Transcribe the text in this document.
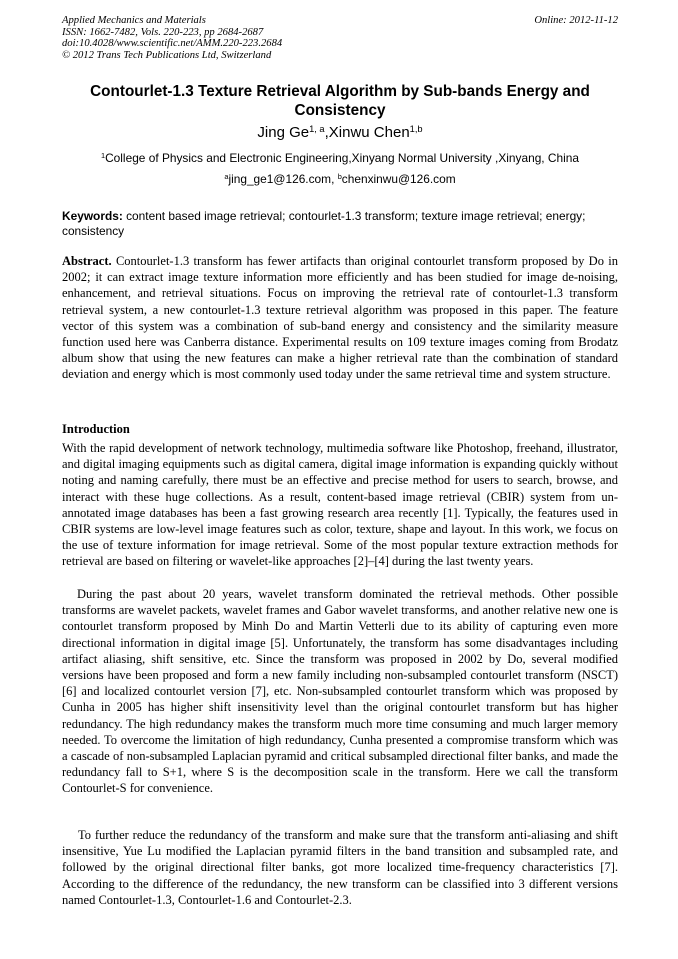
Applied Mechanics and Materials
ISSN: 1662-7482, Vols. 220-223, pp 2684-2687
doi:10.4028/www.scientific.net/AMM.220-223.2684
© 2012 Trans Tech Publications Ltd, Switzerland
Online: 2012-11-12
Contourlet-1.3 Texture Retrieval Algorithm by Sub-bands Energy and Consistency
Jing Ge$^{1, a}$,Xinwu Chen$^{1,b}$
$^1$College of Physics and Electronic Engineering,Xinyang Normal University ,Xinyang, China
$^a$jing_ge1@126.com, $^b$chenxinwu@126.com
Keywords: content based image retrieval; contourlet-1.3 transform; texture image retrieval; energy; consistency
Abstract. Contourlet-1.3 transform has fewer artifacts than original contourlet transform proposed by Do in 2002; it can extract image texture information more efficiently and has been studied for image de-noising, enhancement, and retrieval situations. Focus on improving the retrieval rate of contourlet-1.3 transform retrieval system, a new contourlet-1.3 texture retrieval algorithm was proposed in this paper. The feature vector of this system was a combination of sub-band energy and consistency and the similarity measure function used here was Canberra distance. Experimental results on 109 texture images coming from Brodatz album show that using the new features can make a higher retrieval rate than the combination of standard deviation and energy which is most commonly used today under the same retrieval time and system structure.
Introduction
With the rapid development of network technology, multimedia software like Photoshop, freehand, illustrator, and digital imaging equipments such as digital camera, digital image information is expanding quickly without noting and naming carefully, there must be an effective and precise method for users to search, browse, and interact with these huge collections. As a result, content-based image retrieval (CBIR) system from un-annotated image databases has been a fast growing research area recently [1]. Typically, the features used in CBIR systems are low-level image features such as color, texture, shape and layout. In this work, we focus on the use of texture information for image retrieval. Some of the most popular texture extraction methods for retrieval are based on filtering or wavelet-like approaches [2]–[4] during the last twenty years.
During the past about 20 years, wavelet transform dominated the retrieval methods. Other possible transforms are wavelet packets, wavelet frames and Gabor wavelet transforms, and another relative new one is contourlet transform proposed by Minh Do and Martin Vetterli due to its ability of capturing even more directional information in digital image [5]. Unfortunately, the transform has some disadvantages including artifact aliasing, shift sensitive, etc. Since the transform was proposed in 2002 by Do, several modified versions have been proposed and form a new family including non-subsampled contourlet transform (NSCT) [6] and localized contourlet version [7], etc. Non-subsampled contourlet transform which was proposed by Cunha in 2005 has higher shift insensitivity level than the original contourlet transform but has higher redundancy. The high redundancy makes the transform much more time consuming and much larger memory needed. To overcome the limitation of high redundancy, Cunha presented a compromise transform which was a cascade of non-subsampled Laplacian pyramid and critical subsampled directional filter banks, and made the redundancy fall to S+1, where S is the decomposition scale in the transform. Here we call the transform Contourlet-S for convenience.
To further reduce the redundancy of the transform and make sure that the transform anti-aliasing and shift insensitive, Yue Lu modified the Laplacian pyramid filters in the band transition and subsampled rate, and followed by the original directional filter banks, got more localized time-frequency characteristics [7]. According to the difference of the redundancy, the new transform can be classified into 3 different versions named Contourlet-1.3, Contourlet-1.6 and Contourlet-2.3.
